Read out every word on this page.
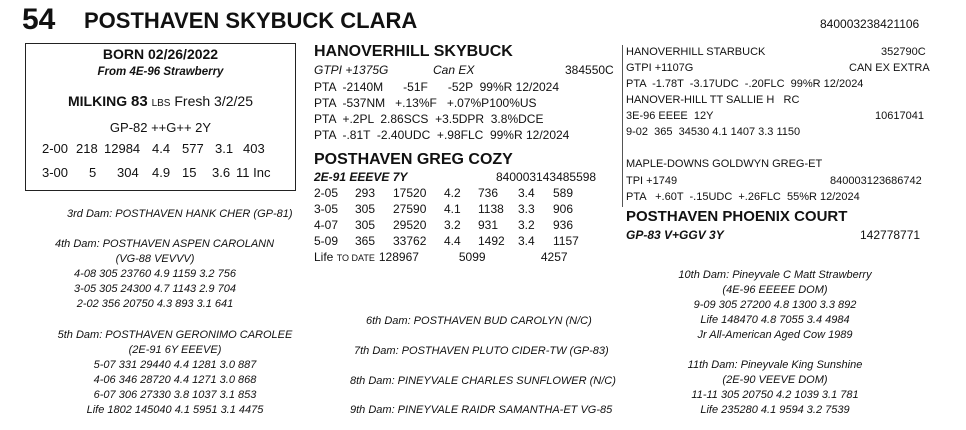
54 POSTHAVEN SKYBUCK CLARA	840003238421106
BORN 02/26/2022
From 4E-96 Strawberry
MILKING 83 LBS Fresh 3/2/25
GP-82 ++G++ 2Y
2-00 218 12984 4.4 577 3.1 403
3-00 5 304 4.9 15 3.6 11 Inc
HANOVERHILL SKYBUCK
GTPI +1375G	Can EX	384550C
PTA  -2140M      -51F      -52P  99%R 12/2024
PTA  -537NM   +.13%F   +.07%P100%US
PTA  +.2PL  2.86SCS  +3.5DPR  3.8%DCE
PTA  -.81T  -2.40UDC  +.98FLC  99%R 12/2024
POSTHAVEN GREG COZY
2E-91 EEEVE 7Y	840003143485598
2-05 293 17520 4.2 736 3.4 589
3-05 305 27590 4.1 1138 3.3 906
4-07 305 29520 3.2 931 3.2 936
5-09 365 33762 4.4 1492 3.4 1157
Life TO DATE 128967	5099	4257
HANOVERHILL STARBUCK	352790C
GTPI +1107G	CAN EX EXTRA
PTA  -1.78T  -3.17UDC  -.20FLC  99%R 12/2024
HANOVER-HILL TT SALLIE H   RC
3E-96 EEEE  12Y	10617041
9-02  365  34530 4.1 1407 3.3 1150
MAPLE-DOWNS GOLDWYN GREG-ET
TPI +1749	840003123686742
PTA   +.60T  -.15UDC  +.26FLC  55%R 12/2024
POSTHAVEN PHOENIX COURT
GP-83 V+GGV 3Y	142778771
3rd Dam: POSTHAVEN HANK CHER (GP-81)
4th Dam: POSTHAVEN ASPEN CAROLANN
(VG-88 VEVVV)
4-08 305 23760 4.9 1159 3.2 756
3-05 305 24300 4.7 1143 2.9 704
2-02 356 20750 4.3 893 3.1 641
5th Dam: POSTHAVEN GERONIMO CAROLEE
(2E-91 6Y EEEVE)
5-07 331 29440 4.4 1281 3.0 887
4-06 346 28720 4.4 1271 3.0 868
6-07 306 27330 3.8 1037 3.1 853
Life 1802 145040 4.1 5951 3.1 4475
6th Dam: POSTHAVEN BUD CAROLYN (N/C)
7th Dam: POSTHAVEN PLUTO CIDER-TW (GP-83)
8th Dam: PINEYVALE CHARLES SUNFLOWER (N/C)
9th Dam: PINEYVALE RAIDR SAMANTHA-ET VG-85
10th Dam: Pineyvale C Matt Strawberry
(4E-96 EEEEE DOM)
9-09 305 27200 4.8 1300 3.3 892
Life 148470 4.8 7055 3.4 4984
Jr All-American Aged Cow 1989
11th Dam: Pineyvale King Sunshine
(2E-90 VEEVE DOM)
11-11 305 20750 4.2 1039 3.1 781
Life 235280 4.1 9594 3.2 7539
